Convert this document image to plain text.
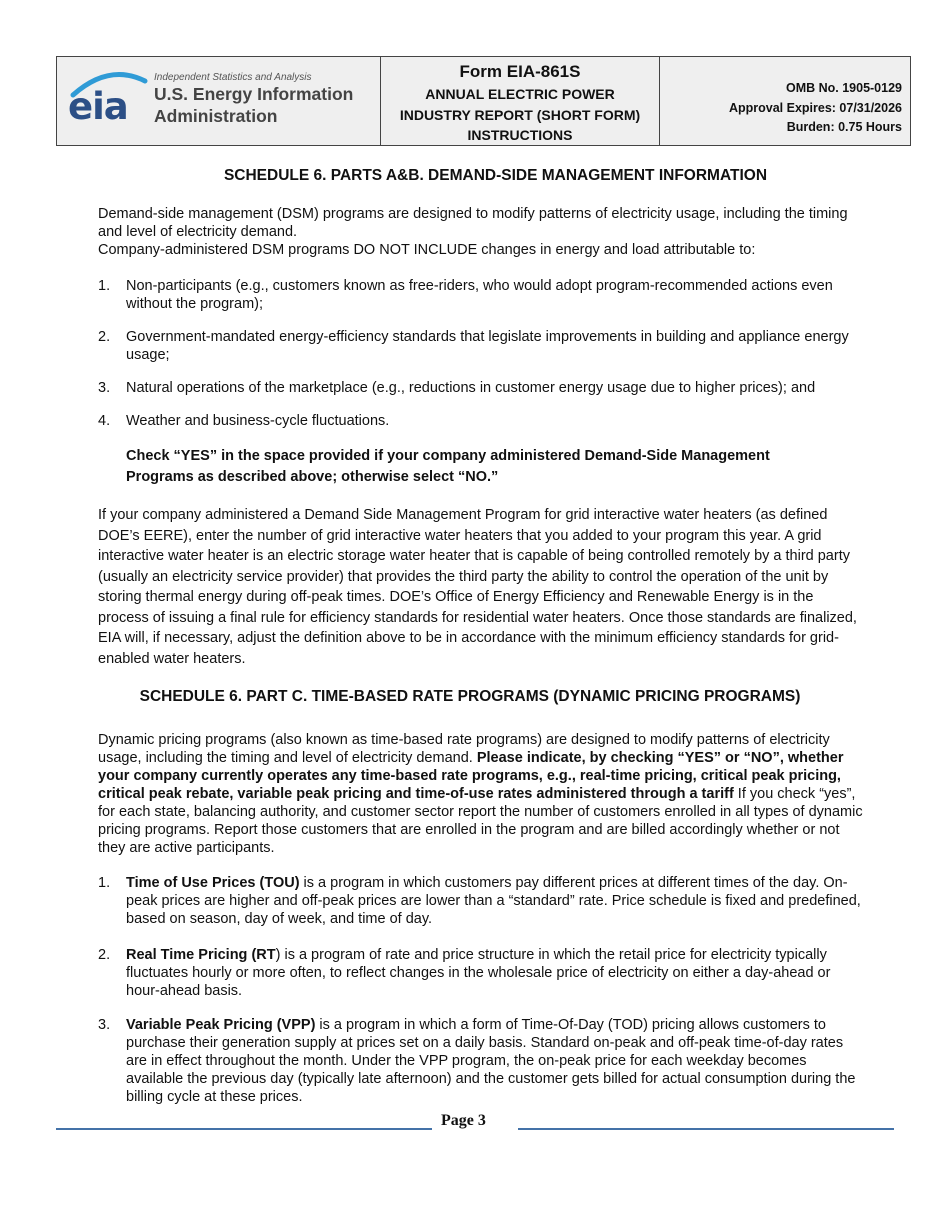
eia
Independent Statistics and Analysis
U.S. Energy Information
Administration
Form EIA-861S
ANNUAL ELECTRIC POWER
INDUSTRY REPORT (SHORT FORM)
INSTRUCTIONS
OMB No. 1905-0129
Approval Expires: 07/31/2026
Burden: 0.75 Hours
SCHEDULE 6. PARTS A&B. DEMAND-SIDE MANAGEMENT INFORMATION

Demand-side management (DSM) programs are designed to modify patterns of electricity usage, including the timing and level of electricity demand.

Company-administered DSM programs DO NOT INCLUDE changes in energy and load attributable to:

1. Non-participants (e.g., customers known as free-riders, who would adopt program-recommended actions even without the program);
2. Government-mandated energy-efficiency standards that legislate improvements in building and appliance energy usage;
3. Natural operations of the marketplace (e.g., reductions in customer energy usage due to higher prices); and
4. Weather and business-cycle fluctuations.
Check “YES” in the space provided if your company administered Demand-Side Management Programs as described above; otherwise select “NO.”
If your company administered a Demand Side Management Program for grid interactive water heaters (as defined DOE’s EERE), enter the number of grid interactive water heaters that you added to your program this year. A grid interactive water heater is an electric storage water heater that is capable of being controlled remotely by a third party (usually an electricity service provider) that provides the third party the ability to control the operation of the unit by storing thermal energy during off-peak times. DOE’s Office of Energy Efficiency and Renewable Energy is in the process of issuing a final rule for efficiency standards for residential water heaters. Once those standards are finalized, EIA will, if necessary, adjust the definition above to be in accordance with the minimum efficiency standards for grid-enabled water heaters.
SCHEDULE 6. PART C. TIME-BASED RATE PROGRAMS (DYNAMIC PRICING PROGRAMS)
Dynamic pricing programs (also known as time-based rate programs) are designed to modify patterns of electricity usage, including the timing and level of electricity demand. Please indicate, by checking “YES” or “NO”, whether your company currently operates any time-based rate programs, e.g., real-time pricing, critical peak pricing, critical peak rebate, variable peak pricing and time-of-use rates administered through a tariff If you check “yes”, for each state, balancing authority, and customer sector report the number of customers enrolled in all types of dynamic pricing programs. Report those customers that are enrolled in the program and are billed accordingly whether or not they are active participants.
1. Time of Use Prices (TOU) is a program in which customers pay different prices at different times of the day. On-peak prices are higher and off-peak prices are lower than a “standard” rate. Price schedule is fixed and predefined, based on season, day of week, and time of day.
2. Real Time Pricing (RT) is a program of rate and price structure in which the retail price for electricity typically fluctuates hourly or more often, to reflect changes in the wholesale price of electricity on either a day-ahead or hour-ahead basis.
3. Variable Peak Pricing (VPP) is a program in which a form of Time-Of-Day (TOD) pricing allows customers to purchase their generation supply at prices set on a daily basis. Standard on-peak and off-peak time-of-day rates are in effect throughout the month. Under the VPP program, the on-peak price for each weekday becomes available the previous day (typically late afternoon) and the customer gets billed for actual consumption during the billing cycle at these prices.
Page 3
